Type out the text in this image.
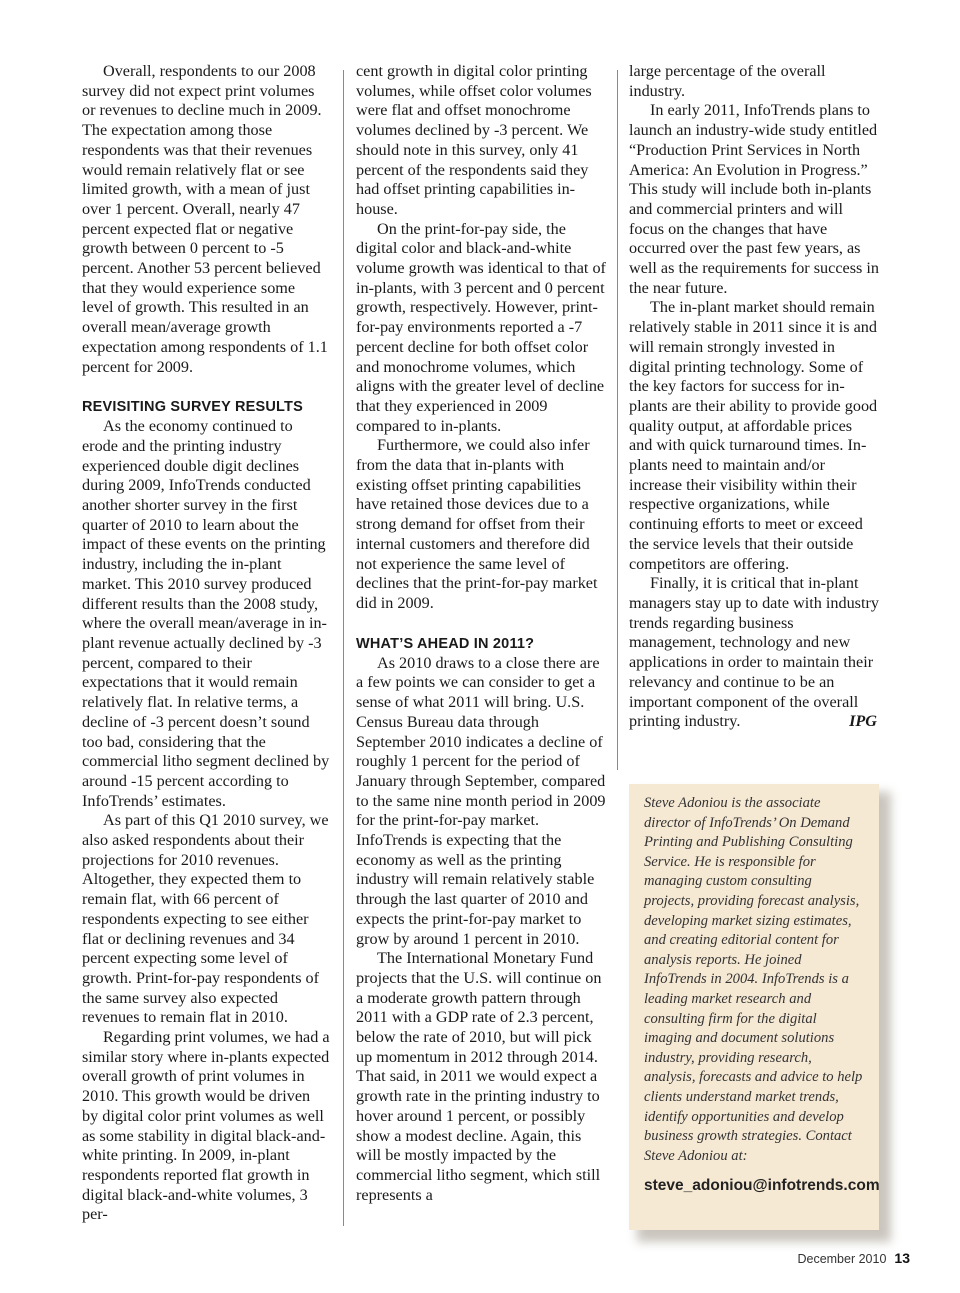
Overall, respondents to our 2008 survey did not expect print volumes or revenues to decline much in 2009. The expectation among those respondents was that their revenues would remain relatively flat or see limited growth, with a mean of just over 1 percent. Overall, nearly 47 percent expected flat or negative growth between 0 percent to -5 percent. Another 53 percent believed that they would experience some level of growth. This resulted in an overall mean/average growth expectation among respondents of 1.1 percent for 2009.

REVISITING SURVEY RESULTS

As the economy continued to erode and the printing industry experienced double digit declines during 2009, InfoTrends conducted another shorter survey in the first quarter of 2010 to learn about the impact of these events on the printing industry, including the in-plant market. This 2010 survey produced different results than the 2008 study, where the overall mean/average in in-plant revenue actually declined by -3 percent, compared to their expectations that it would remain relatively flat. In relative terms, a decline of -3 percent doesn’t sound too bad, considering that the commercial litho segment declined by around -15 percent according to InfoTrends’ estimates.

As part of this Q1 2010 survey, we also asked respondents about their projections for 2010 revenues. Altogether, they expected them to remain flat, with 66 percent of respondents expecting to see either flat or declining revenues and 34 percent expecting some level of growth. Print-for-pay respondents of the same survey also expected revenues to remain flat in 2010.

Regarding print volumes, we had a similar story where in-plants expected overall growth of print volumes in 2010. This growth would be driven by digital color print volumes as well as some stability in digital black-and-white printing. In 2009, in-plant respondents reported flat growth in digital black-and-white volumes, 3 per-

cent growth in digital color printing volumes, while offset color volumes were flat and offset monochrome volumes declined by -3 percent. We should note in this survey, only 41 percent of the respondents said they had offset printing capabilities in-house.

On the print-for-pay side, the digital color and black-and-white volume growth was identical to that of in-plants, with 3 percent and 0 percent growth, respectively. However, print-for-pay environments reported a -7 percent decline for both offset color and monochrome volumes, which aligns with the greater level of decline that they experienced in 2009 compared to in-plants.

Furthermore, we could also infer from the data that in-plants with existing offset printing capabilities have retained those devices due to a strong demand for offset from their internal customers and therefore did not experience the same level of declines that the print-for-pay market did in 2009.

WHAT’S AHEAD IN 2011?

As 2010 draws to a close there are a few points we can consider to get a sense of what 2011 will bring. U.S. Census Bureau data through September 2010 indicates a decline of roughly 1 percent for the period of January through September, compared to the same nine month period in 2009 for the print-for-pay market. InfoTrends is expecting that the economy as well as the printing industry will remain relatively stable through the last quarter of 2010 and expects the print-for-pay market to grow by around 1 percent in 2010.

The International Monetary Fund projects that the U.S. will continue on a moderate growth pattern through 2011 with a GDP rate of 2.3 percent, below the rate of 2010, but will pick up momentum in 2012 through 2014. That said, in 2011 we would expect a growth rate in the printing industry to hover around 1 percent, or possibly show a modest decline. Again, this will be mostly impacted by the commercial litho segment, which still represents a

large percentage of the overall industry.

In early 2011, InfoTrends plans to launch an industry-wide study entitled “Production Print Services in North America: An Evolution in Progress.” This study will include both in-plants and commercial printers and will focus on the changes that have occurred over the past few years, as well as the requirements for success in the near future.

The in-plant market should remain relatively stable in 2011 since it is and will remain strongly invested in digital printing technology. Some of the key factors for success for in-plants are their ability to provide good quality output, at affordable prices and with quick turnaround times. In-plants need to maintain and/or increase their visibility within their respective organizations, while continuing efforts to meet or exceed the service levels that their outside competitors are offering.

Finally, it is critical that in-plant managers stay up to date with industry trends regarding business management, technology and new applications in order to maintain their relevancy and continue to be an important component of the overall printing industry.	IPG

Steve Adoniou is the associate director of InfoTrends’ On Demand Printing and Publishing Consulting Service. He is responsible for managing custom consulting projects, providing forecast analysis, developing market sizing estimates, and creating editorial content for analysis reports. He joined InfoTrends in 2004. InfoTrends is a leading market research and consulting firm for the digital imaging and document solutions industry, providing research, analysis, forecasts and advice to help clients understand market trends, identify opportunities and develop business growth strategies. Contact Steve Adoniou at:

steve_adoniou@infotrends.com
December 2010 13
